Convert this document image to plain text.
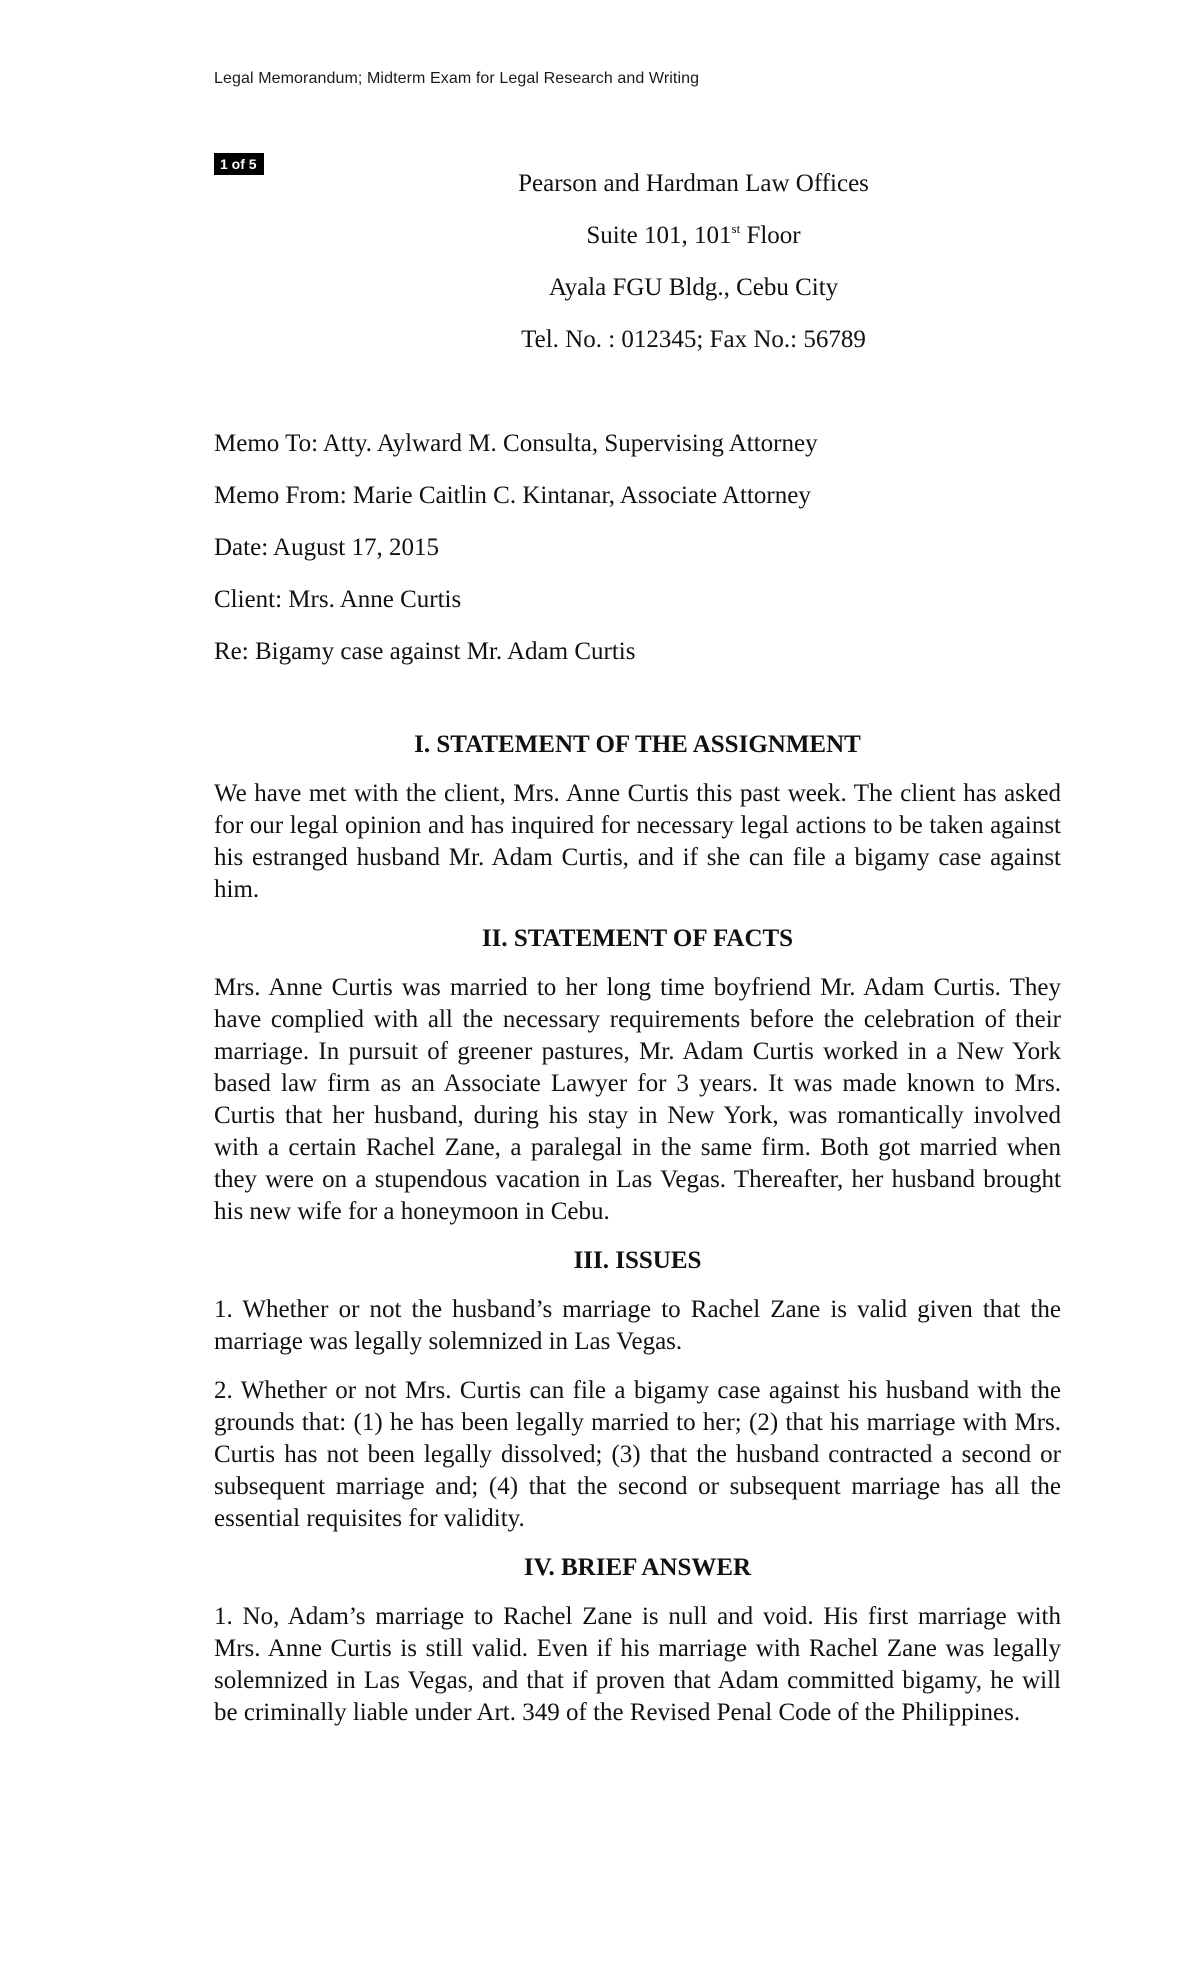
Legal Memorandum; Midterm Exam for Legal Research and Writing
1 of 5
Pearson and Hardman Law Offices
Suite 101, 101st Floor
Ayala FGU Bldg., Cebu City
Tel. No. : 012345; Fax No.: 56789
Memo To: Atty. Aylward M. Consulta, Supervising Attorney
Memo From: Marie Caitlin C. Kintanar, Associate Attorney
Date: August 17, 2015
Client: Mrs. Anne Curtis
Re: Bigamy case against Mr. Adam Curtis
I. STATEMENT OF THE ASSIGNMENT

We have met with the client, Mrs. Anne Curtis this past week. The client has asked for our legal opinion and has inquired for necessary legal actions to be taken against his estranged husband Mr. Adam Curtis, and if she can file a bigamy case against him.

II. STATEMENT OF FACTS

Mrs. Anne Curtis was married to her long time boyfriend Mr. Adam Curtis. They have complied with all the necessary requirements before the celebration of their marriage. In pursuit of greener pastures, Mr. Adam Curtis worked in a New York based law firm as an Associate Lawyer for 3 years. It was made known to Mrs. Curtis that her husband, during his stay in New York, was romantically involved with a certain Rachel Zane, a paralegal in the same firm. Both got married when they were on a stupendous vacation in Las Vegas. Thereafter, her husband brought his new wife for a honeymoon in Cebu.

III. ISSUES

1. Whether or not the husband’s marriage to Rachel Zane is valid given that the marriage was legally solemnized in Las Vegas.

2. Whether or not Mrs. Curtis can file a bigamy case against his husband with the grounds that: (1) he has been legally married to her; (2) that his marriage with Mrs. Curtis has not been legally dissolved; (3) that the husband contracted a second or subsequent marriage and; (4) that the second or subsequent marriage has all the essential requisites for validity.

IV. BRIEF ANSWER

1. No, Adam’s marriage to Rachel Zane is null and void. His first marriage with Mrs. Anne Curtis is still valid. Even if his marriage with Rachel Zane was legally solemnized in Las Vegas, and that if proven that Adam committed bigamy, he will be criminally liable under Art. 349 of the Revised Penal Code of the Philippines.
